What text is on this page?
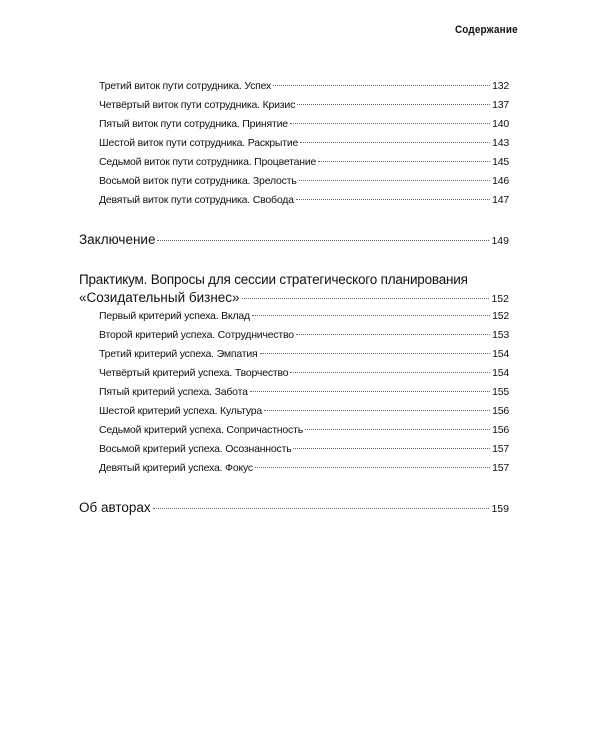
Содержание
Третий виток пути сотрудника. Успех	132
Четвёртый виток пути сотрудника. Кризис	137
Пятый виток пути сотрудника. Принятие	140
Шестой виток пути сотрудника. Раскрытие	143
Седьмой виток пути сотрудника. Процветание	145
Восьмой виток пути сотрудника. Зрелость	146
Девятый виток пути сотрудника. Свобода	147
Заключение	149
Практикум. Вопросы для сессии стратегического планирования
«Созидательный бизнес»	152
Первый критерий успеха. Вклад	152
Второй критерий успеха. Сотрудничество	153
Третий критерий успеха. Эмпатия	154
Четвёртый критерий успеха. Творчество	154
Пятый критерий успеха. Забота	155
Шестой критерий успеха. Культура	156
Седьмой критерий успеха. Сопричастность	156
Восьмой критерий успеха. Осознанность	157
Девятый критерий успеха. Фокус	157
Об авторах	159
